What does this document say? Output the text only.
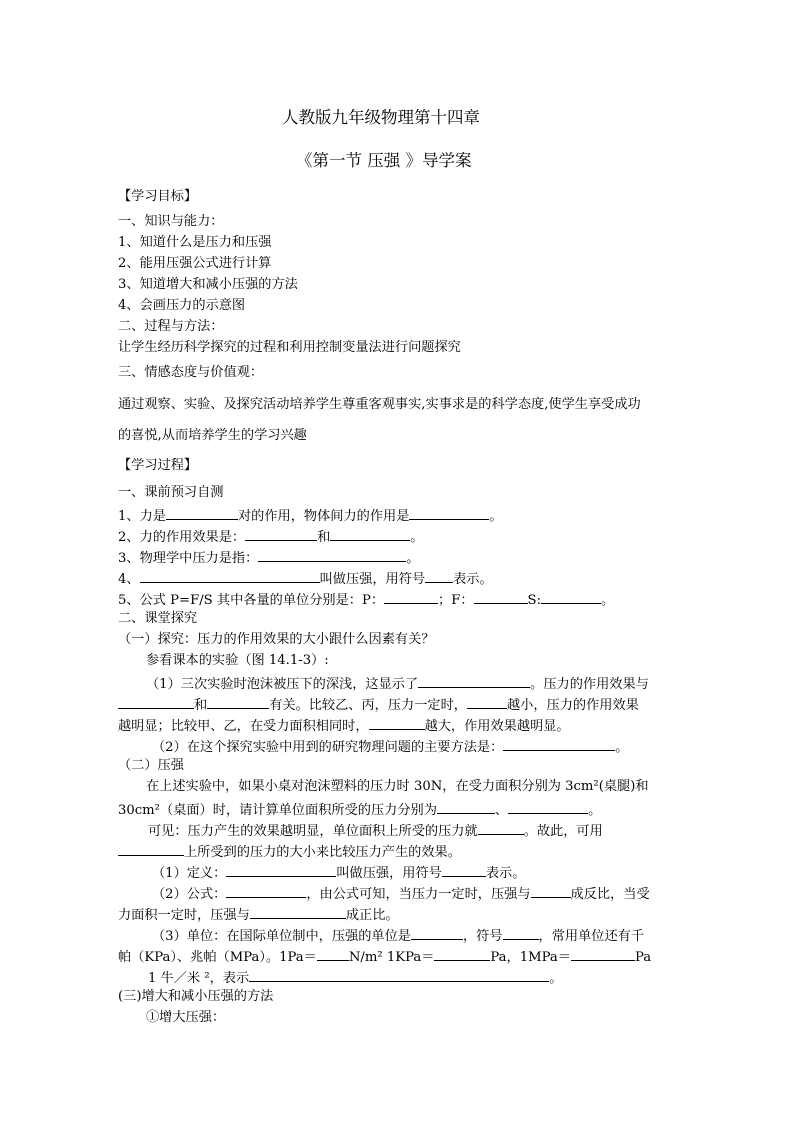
人教版九年级物理第十四章
《第一节 压强 》导学案
【学习目标】
一、知识与能力：
1、知道什么是压力和压强
2、能用压强公式进行计算
3、知道增大和减小压强的方法
4、会画压力的示意图
二、过程与方法：
让学生经历科学探究的过程和利用控制变量法进行问题探究
三、情感态度与价值观：
通过观察、实验、及探究活动培养学生尊重客观事实,实事求是的科学态度,使学生享受成功
的喜悦,从而培养学生的学习兴趣
【学习过程】
一、课前预习自测
1、力是	对的作用，物体间力的作用是	。
2、力的作用效果是：	和	。
3、物理学中压力是指：	。
4、	叫做压强，用符号 表示。
5、公式 P=F/S 其中各量的单位分别是：P：	；F：	S:	。
二、课堂探究
（一）探究：压力的作用效果的大小跟什么因素有关？
参看课本的实验（图 14.1-3）:
（1）三次实验时泡沫被压下的深浅，这显示了	。压力的作用效果与
和	有关。比较乙、丙，压力一定时，	越小，压力的作用效果
越明显；比较甲、乙，在受力面积相同时，	越大，作用效果越明显。
（2）在这个探究实验中用到的研究物理问题的主要方法是：	。
（二）压强
在上述实验中，如果小桌对泡沫塑料的压力时 30N，在受力面积分别为 3cm²(桌腿)和
30cm²（桌面）时，请计算单位面积所受的压力分别为	、	。
可见：压力产生的效果越明显，单位面积上所受的压力就	。故此，可用
上所受到的压力的大小来比较压力产生的效果。
（1）定义：	叫做压强，用符号	表示。
（2）公式：	，由公式可知，当压力一定时，压强与	成反比，当受
力面积一定时，压强与	成正比。
（3）单位：在国际单位制中，压强的单位是	，符号	，常用单位还有千
帕（KPa）、兆帕（MPa）。1Pa＝ N/m² 1KPa＝	Pa，1MPa＝	Pa
1 牛／米 ²，表示	。
(三)增大和减小压强的方法
①增大压强：
